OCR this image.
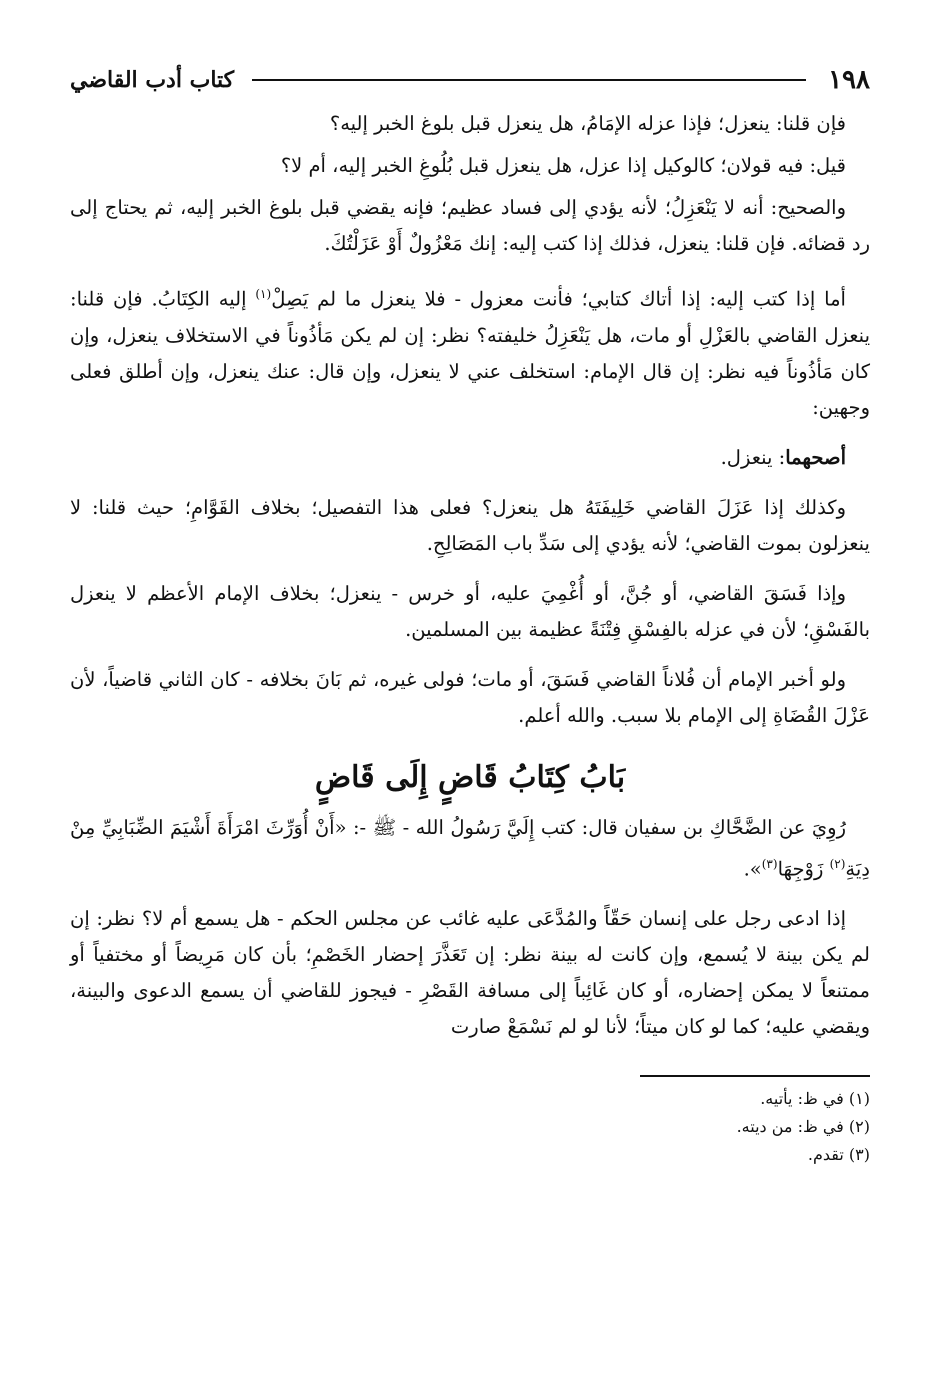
١٩٨
كتاب أدب القاضي

فإن قلنا: ينعزل؛ فإذا عزله الإمَامُ، هل ينعزل قبل بلوغ الخبر إليه؟

قيل: فيه قولان؛ كالوكيل إذا عزل، هل ينعزل قبل بُلُوغِ الخبر إليه، أم لا؟

والصحيح: أنه لا يَنْعَزِلُ؛ لأنه يؤدي إلى فساد عظيم؛ فإنه يقضي قبل بلوغ الخبر إليه، ثم يحتاج إلى رد قضائه. فإن قلنا: ينعزل، فذلك إذا كتب إليه: إنك مَعْزُولٌ أَوْ عَزَلْتُكَ.

أما إذا كتب إليه: إذا أتاك كتابي؛ فأنت معزول - فلا ينعزل ما لم يَصِلْ$^{(١)}$ إليه الكِتَابُ. فإن قلنا: ينعزل القاضي بالعَزْلِ أو مات، هل يَنْعَزِلُ خليفته؟ نظر: إن لم يكن مَأذُوناً في الاستخلاف ينعزل، وإن كان مَأذُوناً فيه نظر: إن قال الإمام: استخلف عني لا ينعزل، وإن قال: عنك ينعزل، وإن أطلق فعلى وجهين:

أصحهما: ينعزل.

وكذلك إذا عَزَلَ القاضي خَلِيفَتَهُ هل ينعزل؟ فعلى هذا التفصيل؛ بخلاف القَوَّامِ؛ حيث قلنا: لا ينعزلون بموت القاضي؛ لأنه يؤدي إلى سَدِّ باب المَصَالِحِ.

وإذا فَسَقَ القاضي، أو جُنَّ، أو أُغْمِيَ عليه، أو خرس - ينعزل؛ بخلاف الإمام الأعظم لا ينعزل بالفَسْقِ؛ لأن في عزله بالفِسْقِ فِتْنَةً عظيمة بين المسلمين.

ولو أخبر الإمام أن فُلاناً القاضي فَسَقَ، أو مات؛ فولى غيره، ثم بَانَ بخلافه - كان الثاني قاضياً، لأن عَزْلَ القُضَاةِ إلى الإمام بلا سبب. والله أعلم.

بَابُ كِتَابُ قَاضٍ إِلَى قَاضٍ

رُوِيَ عن الضَّحَّاكِ بن سفيان قال: كتب إِلَيَّ رَسُولُ الله - ﷺ -: «أَنْ أُوَرِّثَ امْرَأَةَ أَشْيَمَ الضِّبَابِيِّ مِنْ دِيَةِ$^{(٢)}$ زَوْجِهَا$^{(٣)}$».

إذا ادعى رجل على إنسان حَقّاً والمُدَّعَى عليه غائب عن مجلس الحكم - هل يسمع أم لا؟ نظر: إن لم يكن بينة لا يُسمع، وإن كانت له بينة نظر: إن تَعَذَّرَ إحضار الخَصْمِ؛ بأن كان مَرِيضاً أو مختفياً أو ممتنعاً لا يمكن إحضاره، أو كان غَائِباً إلى مسافة القَصْرِ - فيجوز للقاضي أن يسمع الدعوى والبينة، ويقضي عليه؛ كما لو كان ميتاً؛ لأنا لو لم نَسْمَعْ صارت

(١) في ظ: يأتيه.
(٢) في ظ: من ديته.
(٣) تقدم.
